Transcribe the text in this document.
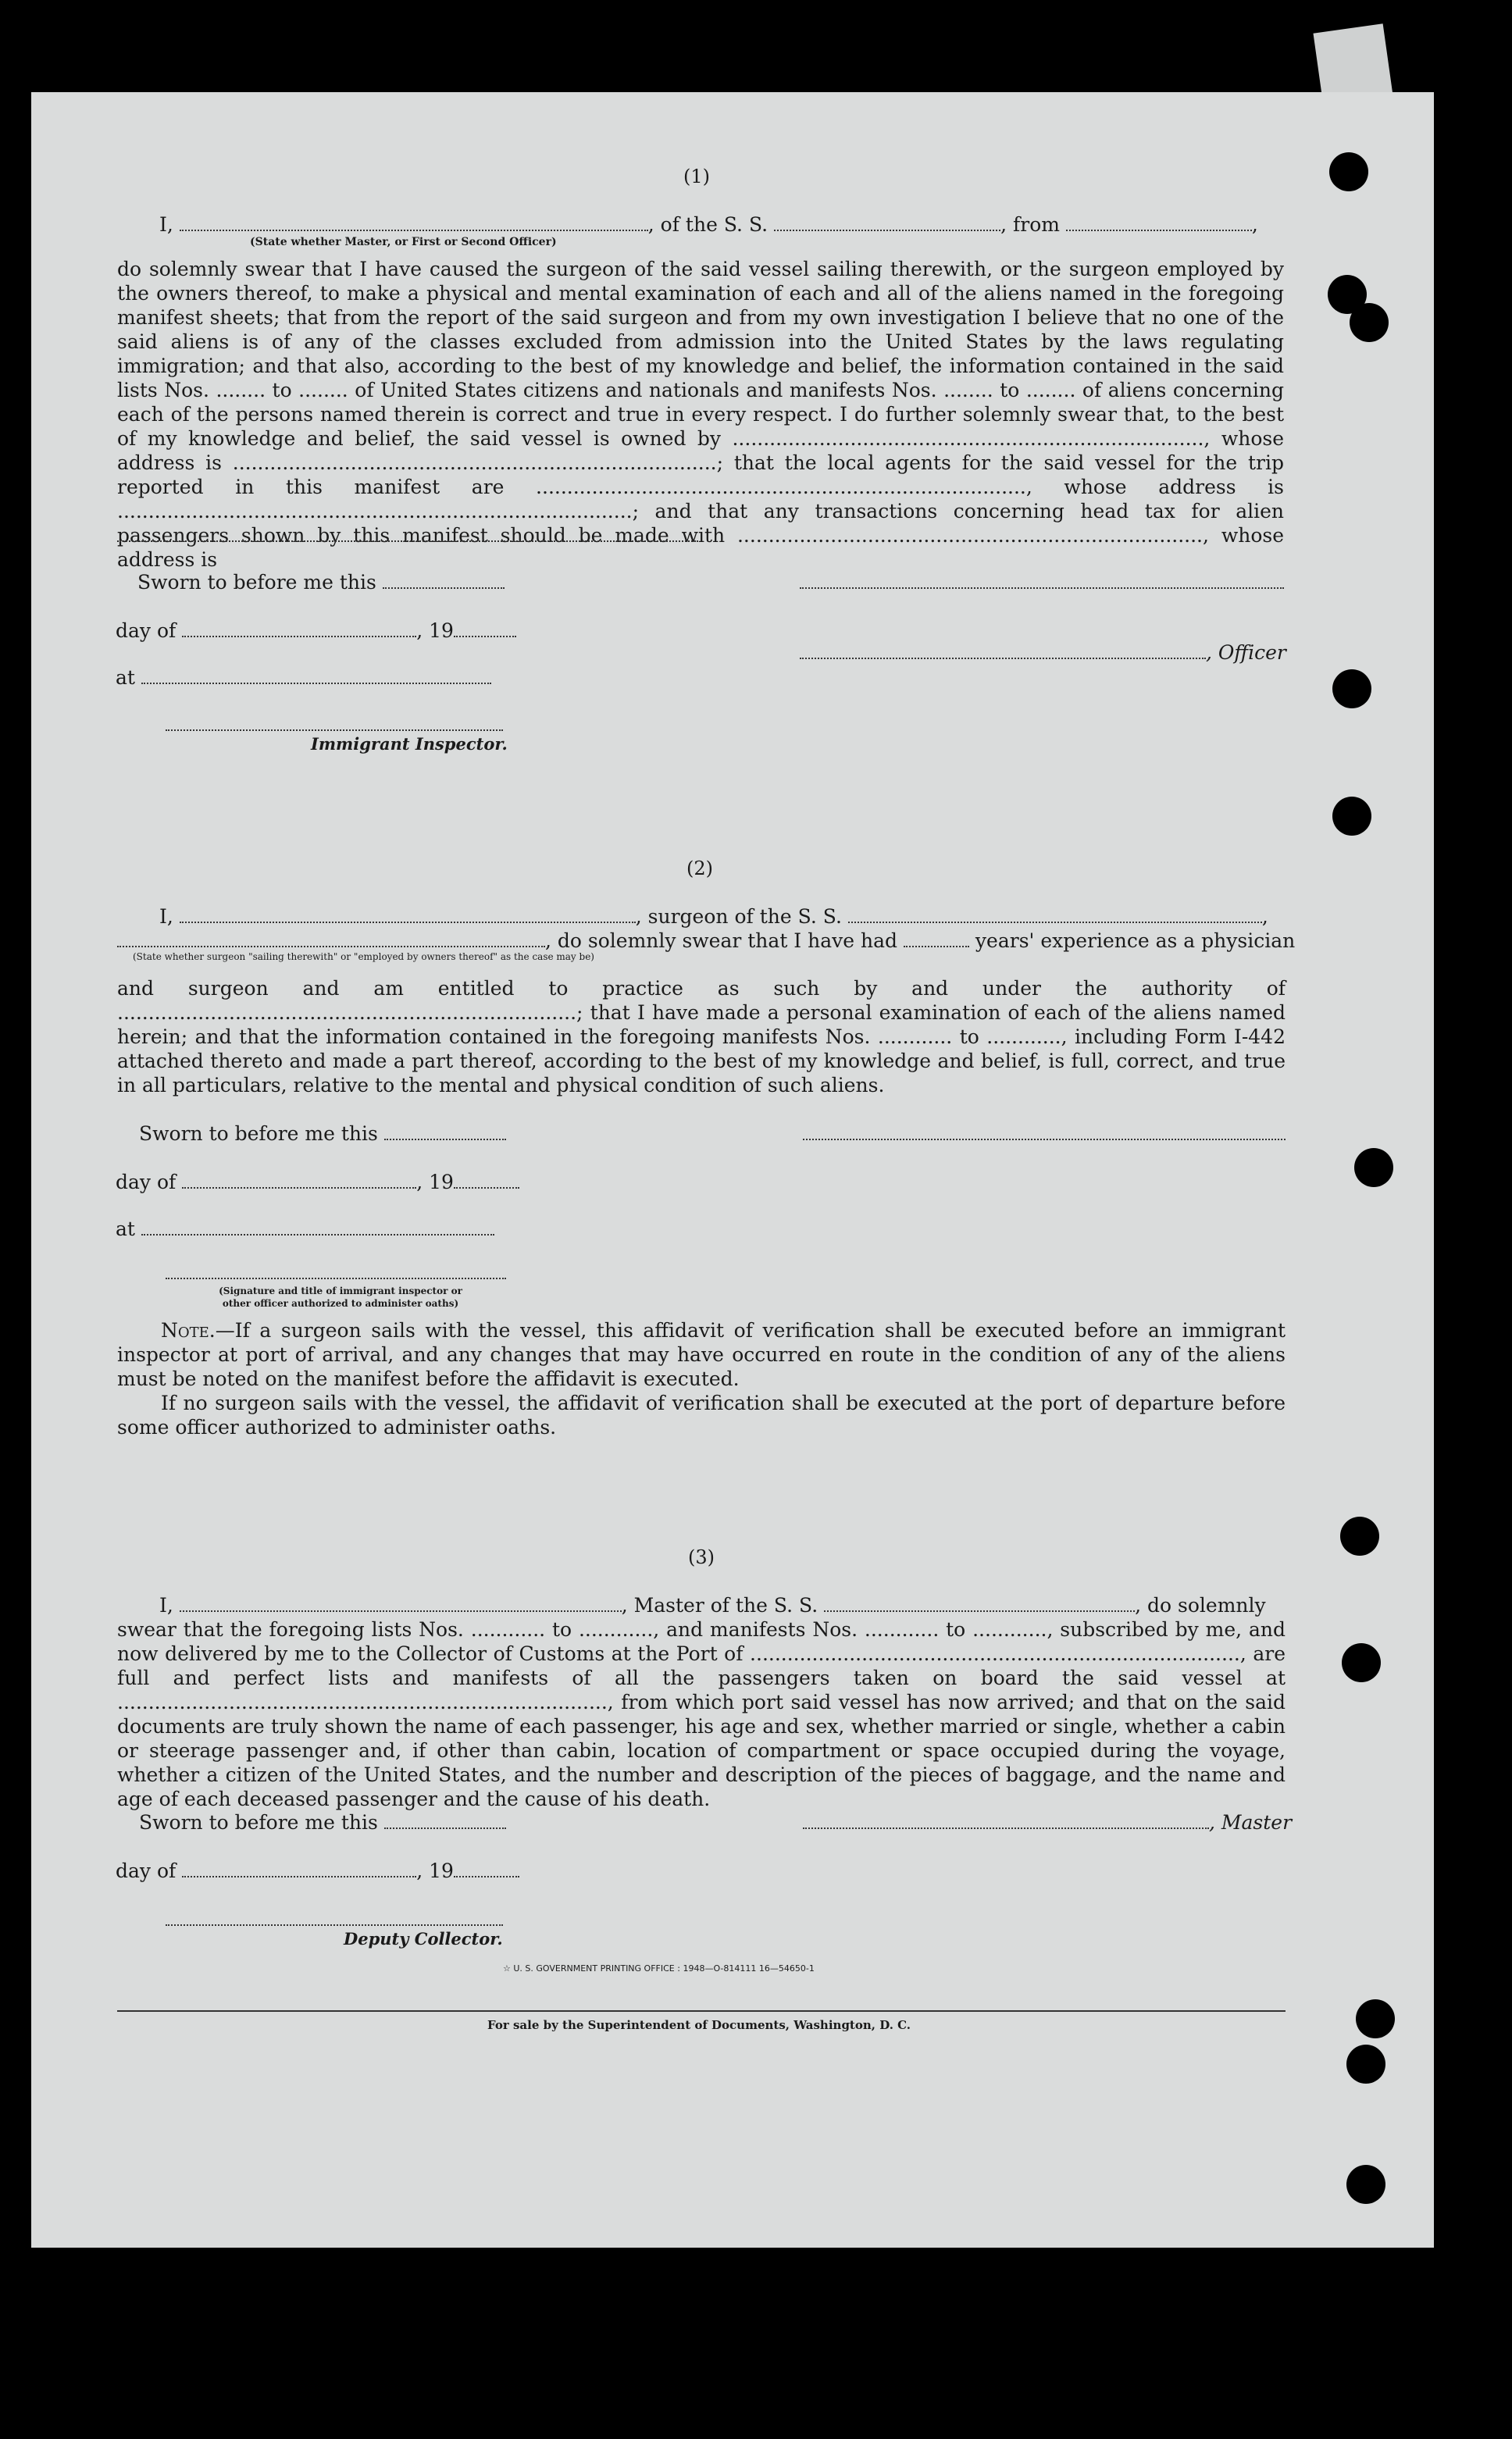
(1)
I,	, of the S. S.	, from	,
(State whether Master, or First or Second Officer)
do solemnly swear that I have caused the surgeon of the said vessel sailing therewith, or the surgeon employed by the owners thereof, to make a physical and mental examination of each and all of the aliens named in the foregoing manifest sheets; that from the report of the said surgeon and from my own investigation I believe that no one of the said aliens is of any of the classes excluded from admission into the United States by the laws regulating immigration; and that also, according to the best of my knowledge and belief, the information contained in the said lists Nos. ........ to ........ of United States citizens and nationals and manifests Nos. ........ to ........ of aliens concerning each of the persons named therein is correct and true in every respect. I do further solemnly swear that, to the best of my knowledge and belief, the said vessel is owned by ............................................................................, whose address is ..............................................................................; that the local agents for the said vessel for the trip reported in this manifest are ..............................................................................., whose address is ...................................................................................; and that any transactions concerning head tax for alien passengers shown by this manifest should be made with ..........................................................................., whose address is
Sworn to before me this
day of	, 19
, Officer
at
Immigrant Inspector.
(2)
I,	, surgeon of the S. S.	,
, do solemnly swear that I have had	years' experience as a physician
(State whether surgeon "sailing therewith" or "employed by owners thereof" as the case may be)
and surgeon and am entitled to practice as such by and under the authority of ..........................................................................; that I have made a personal examination of each of the aliens named herein; and that the information contained in the foregoing manifests Nos. ............ to ............, including Form I-442 attached thereto and made a part thereof, according to the best of my knowledge and belief, is full, correct, and true in all particulars, relative to the mental and physical condition of such aliens.
Sworn to before me this
day of	, 19
at
(Signature and title of immigrant inspector or
other officer authorized to administer oaths)
Note.—If a surgeon sails with the vessel, this affidavit of verification shall be executed before an immigrant inspector at port of arrival, and any changes that may have occurred en route in the condition of any of the aliens must be noted on the manifest before the affidavit is executed.
If no surgeon sails with the vessel, the affidavit of verification shall be executed at the port of departure before some officer authorized to administer oaths.
(3)
I,	, Master of the S. S.	, do solemnly
swear that the foregoing lists Nos. ............ to ............, and manifests Nos. ............ to ............, subscribed by me, and now delivered by me to the Collector of Customs at the Port of ..............................................................................., are full and perfect lists and manifests of all the passengers taken on board the said vessel at ..............................................................................., from which port said vessel has now arrived; and that on the said documents are truly shown the name of each passenger, his age and sex, whether married or single, whether a cabin or steerage passenger and, if other than cabin, location of compartment or space occupied during the voyage, whether a citizen of the United States, and the number and description of the pieces of baggage, and the name and age of each deceased passenger and the cause of his death.
Sworn to before me this	, Master
day of	, 19
Deputy Collector.
☆ U. S. GOVERNMENT PRINTING OFFICE : 1948—O-814111 16—54650-1
For sale by the Superintendent of Documents, Washington, D. C.
